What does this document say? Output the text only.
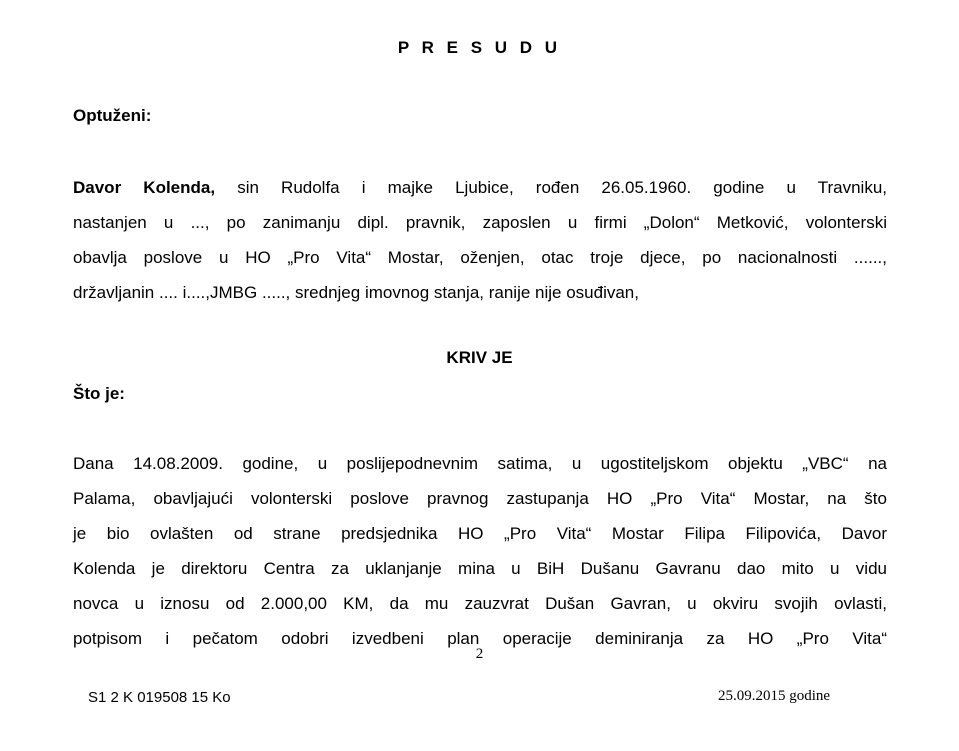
P R E S U D U
Optuženi:
Davor Kolenda, sin Rudolfa i majke Ljubice, rođen 26.05.1960. godine u Travniku,
nastanjen u ..., po zanimanju dipl. pravnik, zaposlen u firmi „Dolon“ Metković, volonterski
obavlja poslove u HO „Pro Vita“ Mostar, oženjen, otac troje djece, po nacionalnosti ......,
državljanin .... i....,JMBG ....., srednjeg imovnog stanja, ranije nije osuđivan,
KRIV JE
Što je:
Dana 14.08.2009. godine, u poslijepodnevnim satima, u ugostiteljskom objektu „VBC“ na
Palama, obavljajući volonterski poslove pravnog zastupanja HO „Pro Vita“ Mostar, na što
je bio ovlašten od strane predsjednika HO „Pro Vita“ Mostar Filipa Filipovića, Davor
Kolenda je direktoru Centra za uklanjanje mina u BiH Dušanu Gavranu dao mito u vidu
novca u iznosu od 2.000,00 KM, da mu zauzvrat Dušan Gavran, u okviru svojih ovlasti,
potpisom i pečatom odobri izvedbeni plan operacije deminiranja za HO „Pro Vita“
2
S1 2 K 019508 15 Ko	25.09.2015 godine
